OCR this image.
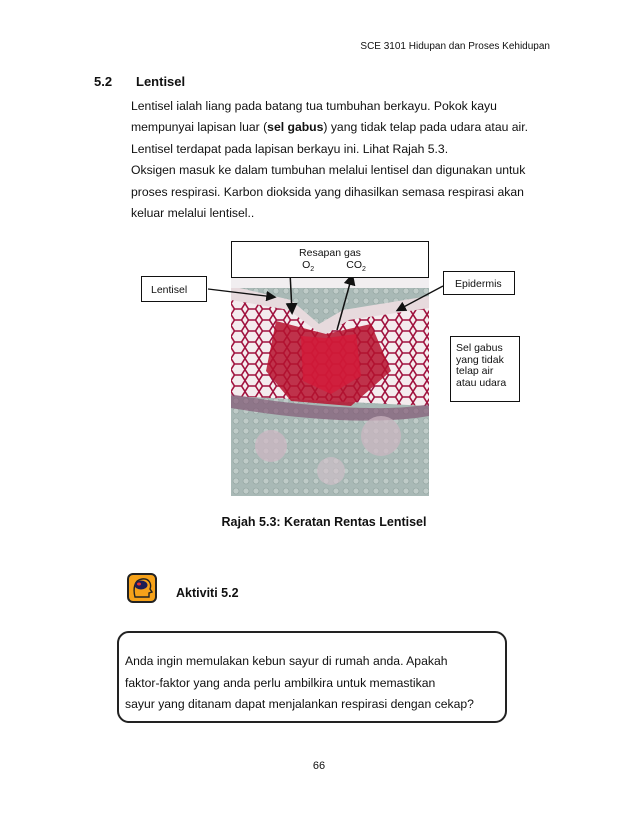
SCE 3101 Hidupan dan Proses Kehidupan
5.2 Lentisel

Lentisel ialah liang pada batang tua tumbuhan berkayu. Pokok kayu

mempunyai lapisan luar (sel gabus) yang tidak telap pada udara atau air.

Lentisel terdapat pada lapisan berkayu ini. Lihat Rajah 5.3.

Oksigen masuk ke dalam tumbuhan melalui lentisel dan digunakan untuk

proses respirasi. Karbon dioksida yang dihasilkan semasa respirasi akan

keluar melalui lentisel..

Resapan gas
$O_2$	$CO_2$
Lentisel	Epidermis
Sel gabus
yang tidak
telap air
atau udara
Rajah 5.3: Keratan Rentas Lentisel
Aktiviti 5.2

Anda ingin memulakan kebun sayur di rumah anda. Apakah

faktor-faktor yang anda perlu ambilkira untuk memastikan

sayur yang ditanam dapat menjalankan respirasi dengan cekap?

66
